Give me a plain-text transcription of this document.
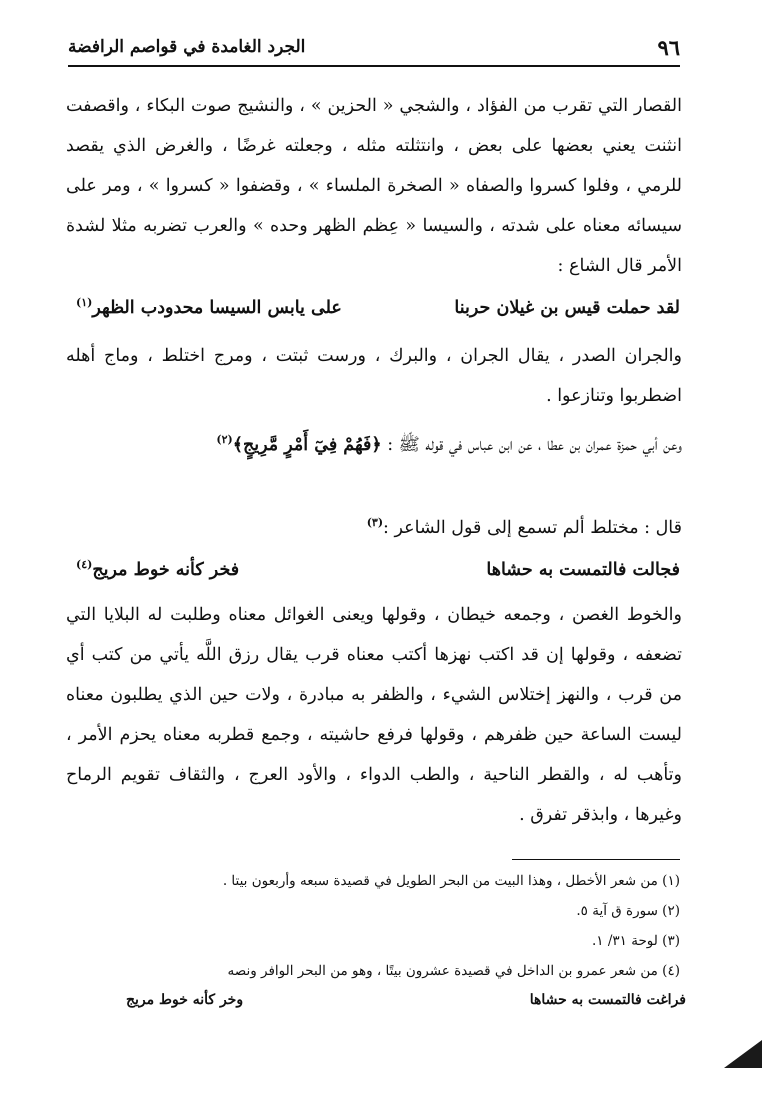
٩٦
الجرد الغامدة في قواصم الرافضة

القصار التي تقرب من الفؤاد ، والشجي « الحزين » ، والنشيج صوت البكاء ، واقصفت انثنت يعني بعضها على بعض ، وانتثلته مثله ، وجعلته غرضًا ، والغرض الذي يقصد للرمي ، وفلوا كسروا والصفاه « الصخرة الملساء » ، وقضفوا « كسروا » ، ومر على سيسائه معناه على شدته ، والسيسا « عِظم الظهر وحده » والعرب تضربه مثلا لشدة الأمر قال الشاع :

لقد حملت قيس بن غيلان حربنا
على يابس السيسا محدودب الظهر$^{(١)}$

والجران الصدر ، يقال الجران ، والبرك ، ورست ثبتت ، ومرج اختلط ، وماج أهله اضطربوا وتنازعوا .

وعن أبي حمزة عمران بن عطا ، عن ابن عباس في قوله ﷺ : ﴿فَهُمْ فِيٓ أَمْرٍ مَّرِيجٍ﴾$^{(٢)}$

قال : مختلط ألم تسمع إلى قول الشاعر :$^{(٣)}$

فجالت فالتمست به حشاها
فخر كأنه خوط مريج$^{(٤)}$

والخوط الغصن ، وجمعه خيطان ، وقولها ويعنى الغوائل معناه وطلبت له البلايا التي تضعفه ، وقولها إن قد اكتب نهزها أكتب معناه قرب يقال رزق اللَّه يأتي من كتب أي من قرب ، والنهز إختلاس الشيء ، والظفر به مبادرة ، ولات حين الذي يطلبون معناه ليست الساعة حين ظفرهم ، وقولها فرفع حاشيته ، وجمع قطربه معناه يحزم الأمر ، وتأهب له ، والقطر الناحية ، والطب الدواء ، والأود العرج ، والثقاف تقويم الرماح وغيرها ، وابذقر تفرق .

(١) من شعر الأخطل ، وهذا البيت من البحر الطويل في قصيدة سبعه وأربعون بيتا .

(٢) سورة ق آية ٥.

(٣) لوحة ٣١/ ١.

(٤) من شعر عمرو بن الداخل في قصيدة عشرون بيتًا ، وهو من البحر الوافر ونصه

فراغت فالتمست به حشاها
وخر كأنه خوط مريج
